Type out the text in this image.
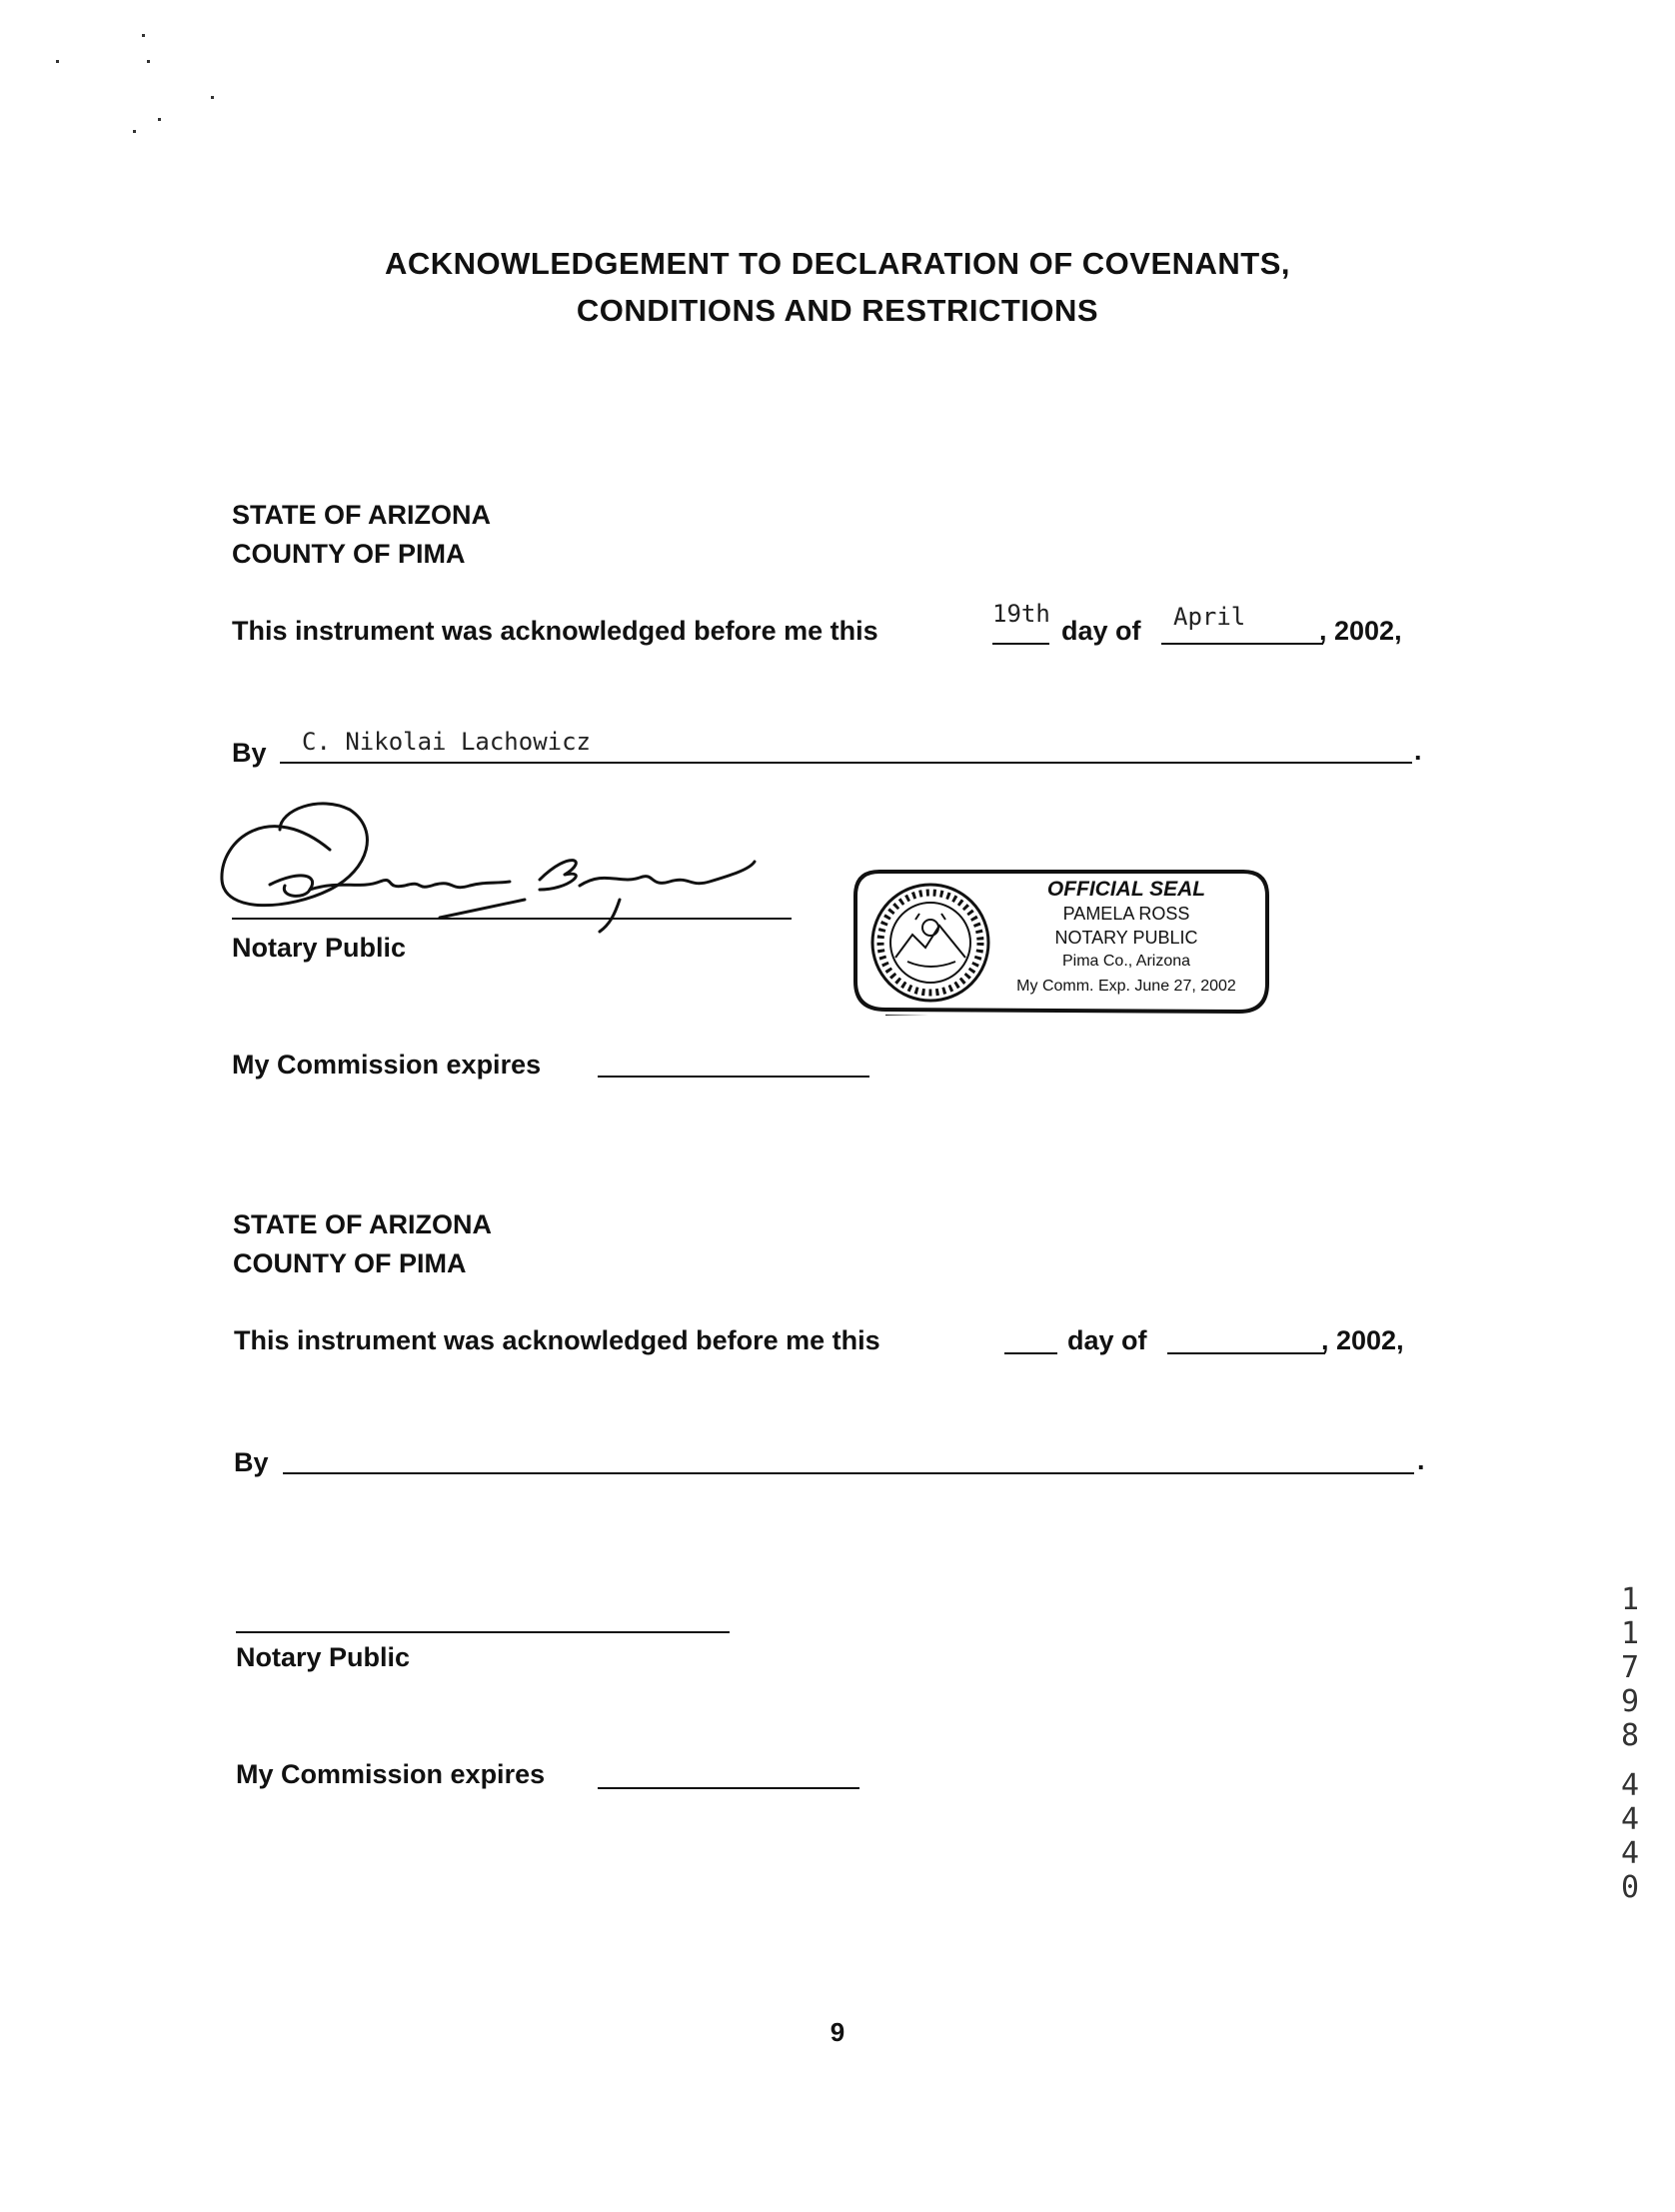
ACKNOWLEDGEMENT TO DECLARATION OF COVENANTS,
CONDITIONS AND RESTRICTIONS
STATE OF ARIZONA
COUNTY OF PIMA
This instrument was acknowledged before me this
19th
day of April	, 2002,
By C. Nikolai Lachowicz	.
Notary Public
OFFICIAL SEAL
PAMELA ROSS
NOTARY PUBLIC
Pima Co., Arizona
My Comm. Exp. June 27, 2002
My Commission expires
STATE OF ARIZONA
COUNTY OF PIMA
This instrument was acknowledged before me this	day of	, 2002,
By	.
Notary Public
My Commission expires
9
1
1
7
9
8
4
4
4
0
